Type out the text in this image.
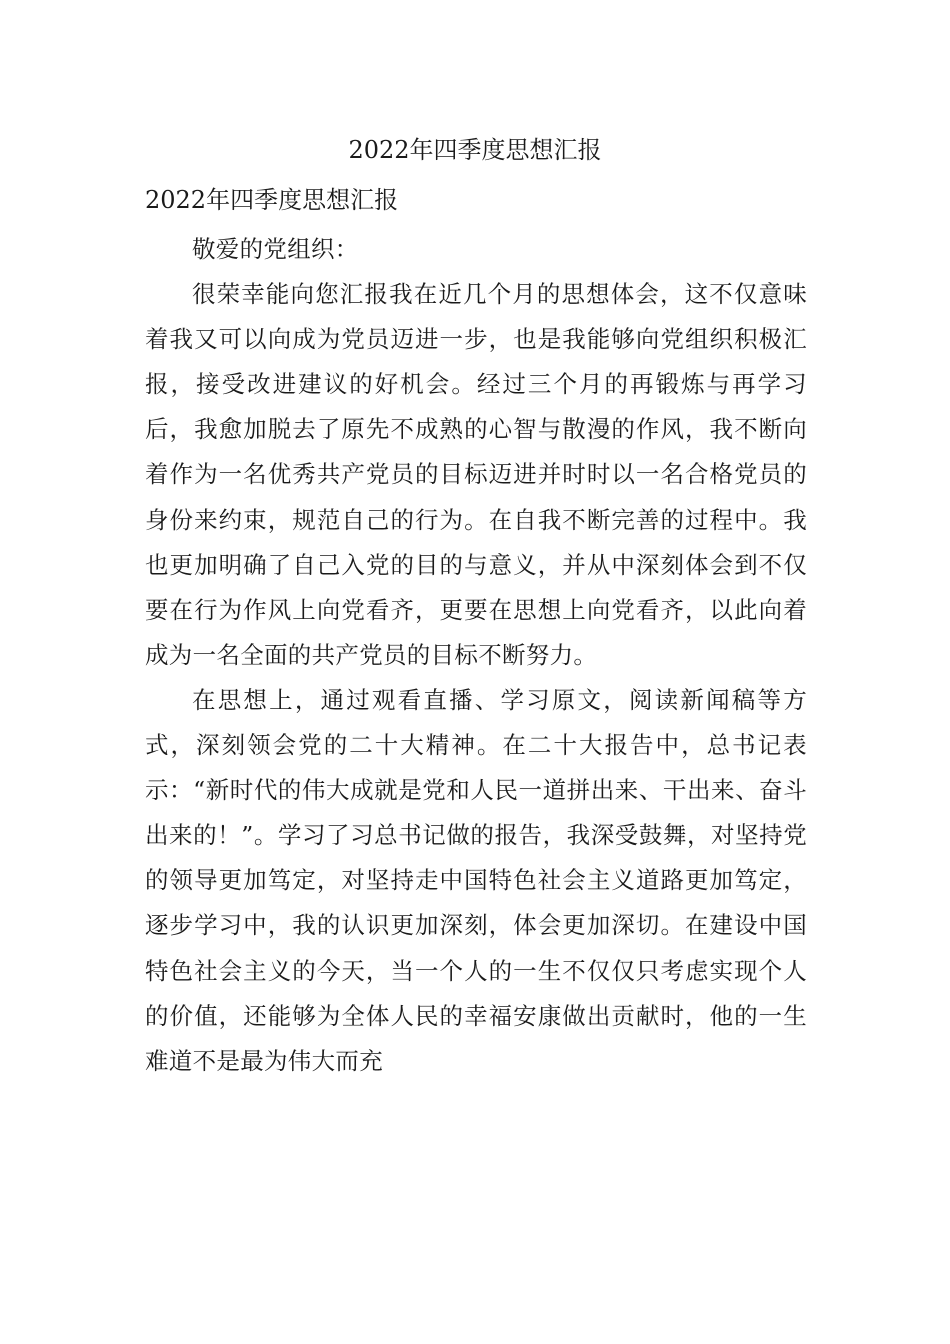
2022年四季度思想汇报
2022年四季度思想汇报

敬爱的党组织：

很荣幸能向您汇报我在近几个月的思想体会，这不仅意味着我又可以向成为党员迈进一步，也是我能够向党组织积极汇报，接受改进建议的好机会。经过三个月的再锻炼与再学习后，我愈加脱去了原先不成熟的心智与散漫的作风，我不断向着作为一名优秀共产党员的目标迈进并时时以一名合格党员的身份来约束，规范自己的行为。在自我不断完善的过程中。我也更加明确了自己入党的目的与意义，并从中深刻体会到不仅要在行为作风上向党看齐，更要在思想上向党看齐，以此向着成为一名全面的共产党员的目标不断努力。

在思想上，通过观看直播、学习原文，阅读新闻稿等方式，深刻领会党的二十大精神。在二十大报告中，总书记表示：“新时代的伟大成就是党和人民一道拼出来、干出来、奋斗出来的！”。学习了习总书记做的报告，我深受鼓舞，对坚持党的领导更加笃定，对坚持走中国特色社会主义道路更加笃定，逐步学习中，我的认识更加深刻，体会更加深切。在建设中国特色社会主义的今天，当一个人的一生不仅仅只考虑实现个人的价值，还能够为全体人民的幸福安康做出贡献时，他的一生难道不是最为伟大而充
